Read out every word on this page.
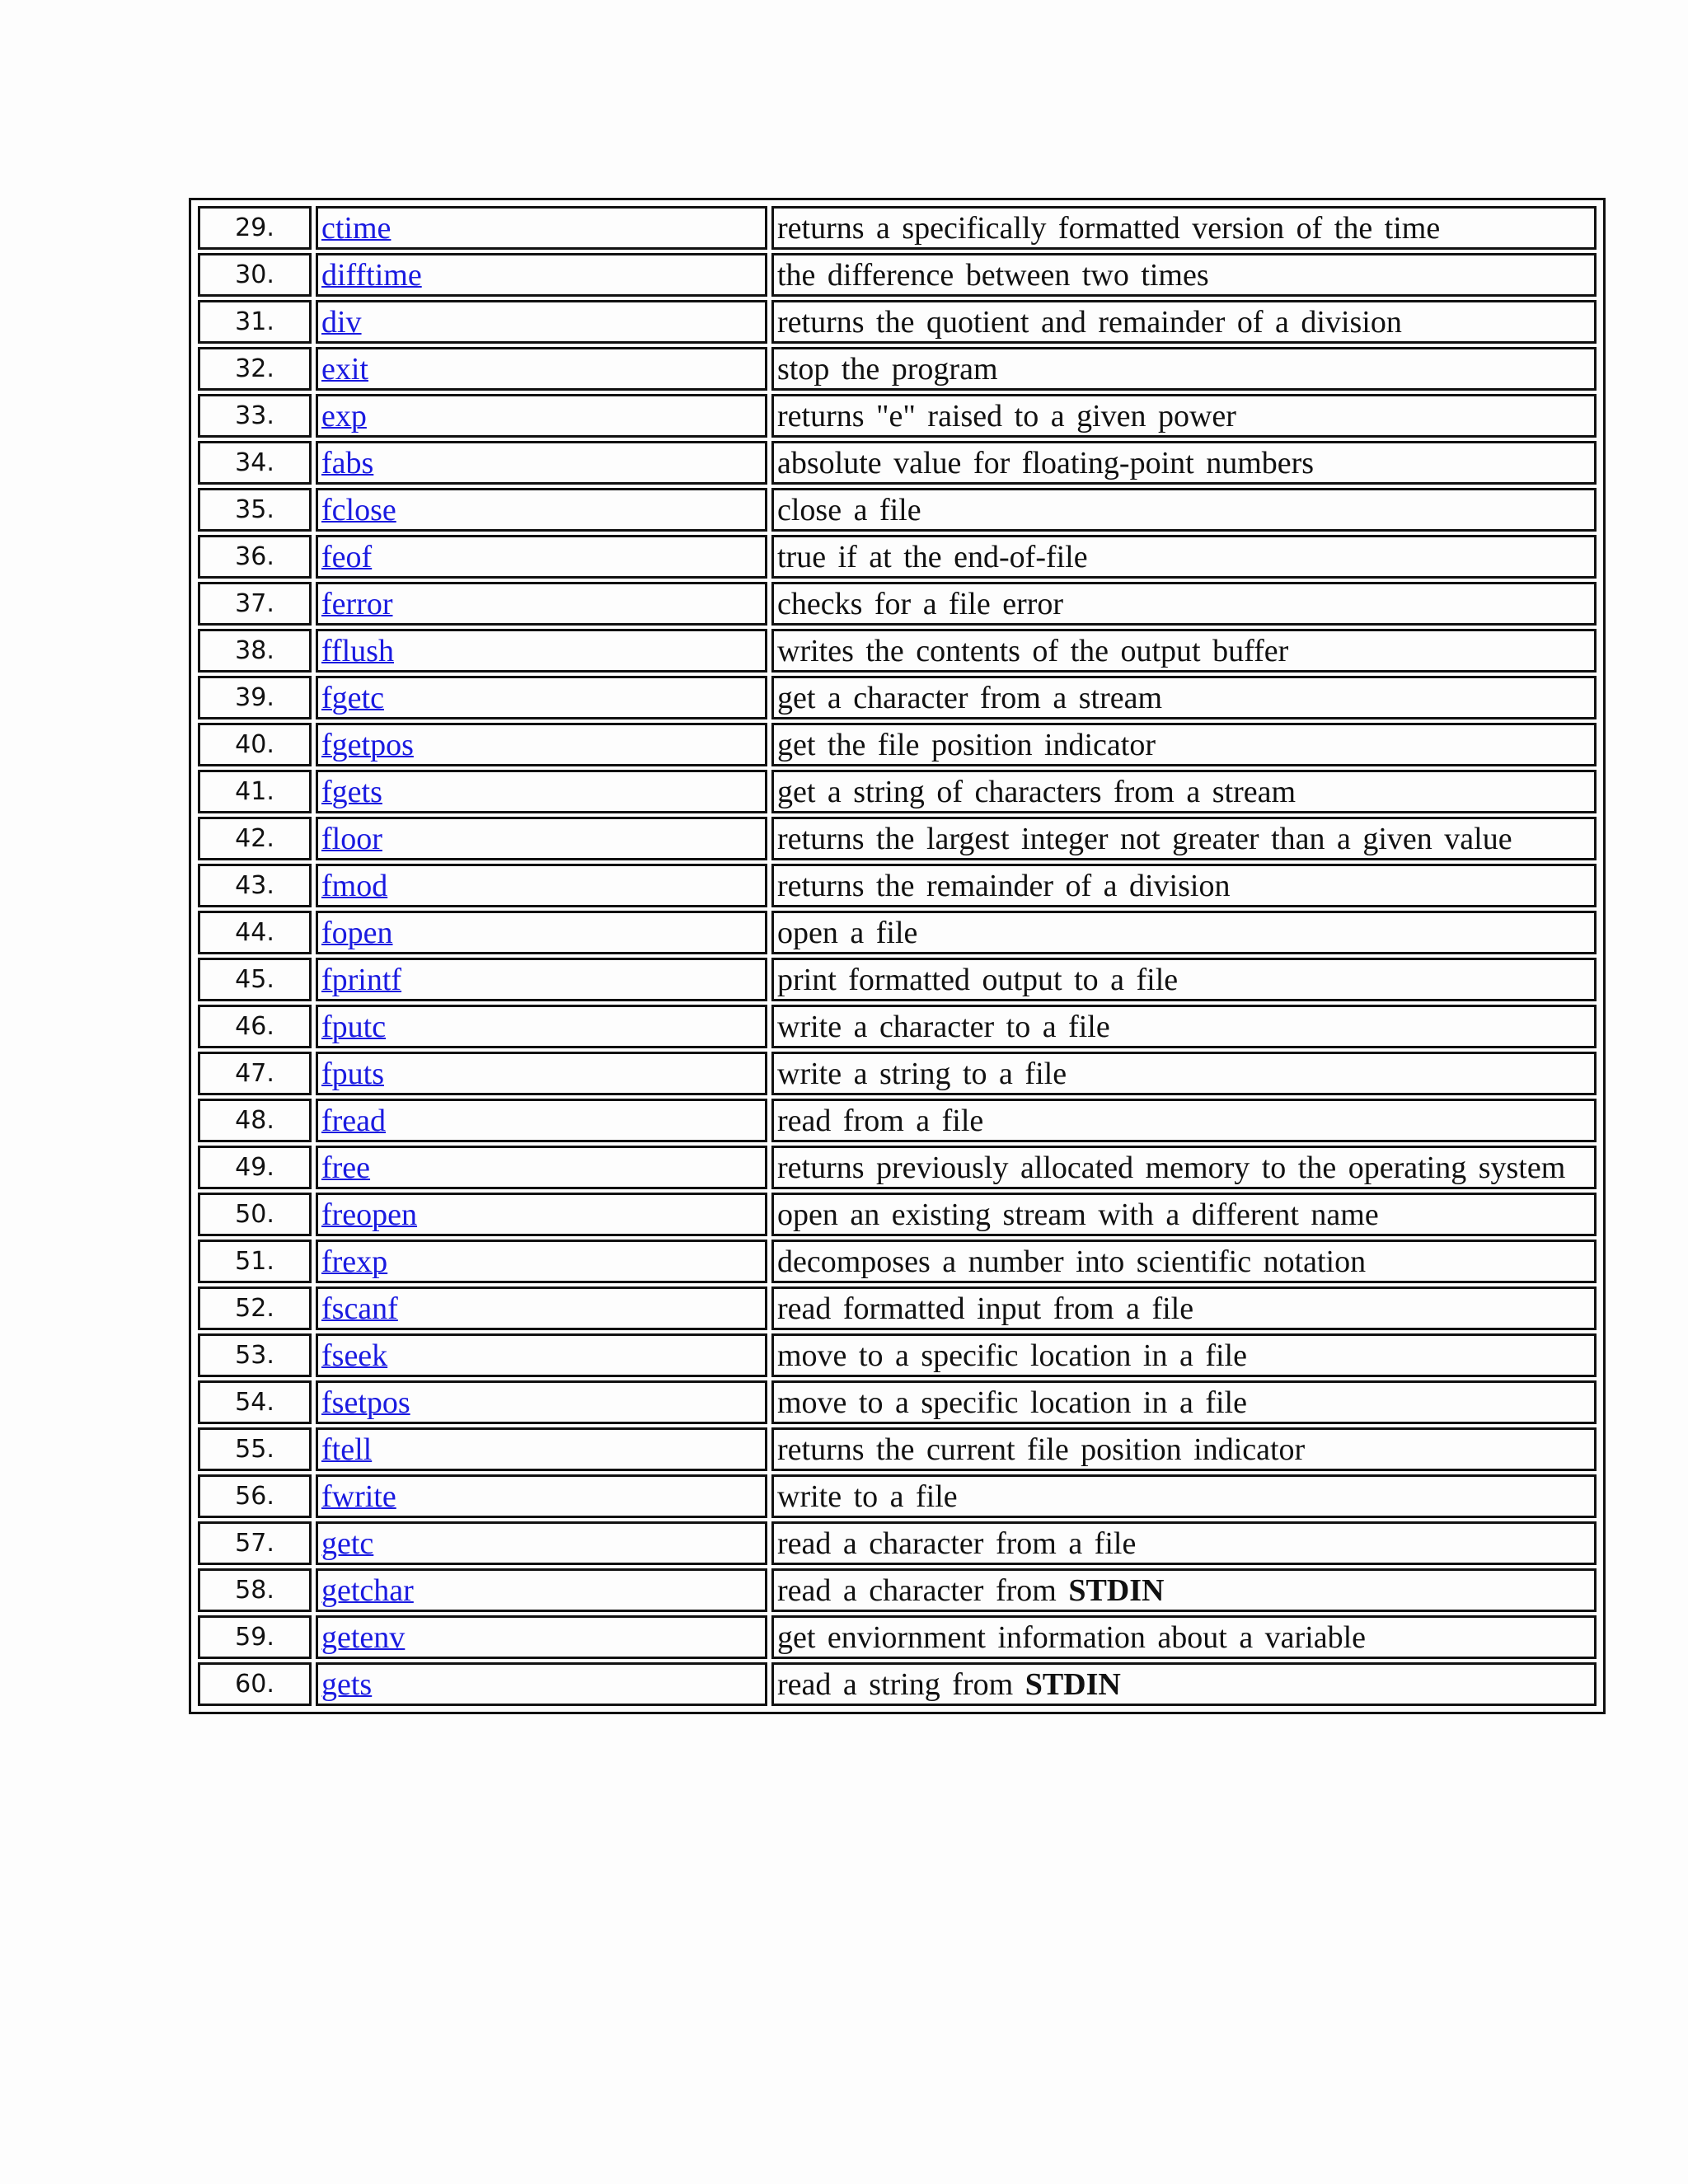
29.	ctime	returns a specifically formatted version of the time
30.	difftime	the difference between two times
31.	div	returns the quotient and remainder of a division
32.	exit	stop the program
33.	exp	returns "e" raised to a given power
34.	fabs	absolute value for floating-point numbers
35.	fclose	close a file
36.	feof	true if at the end-of-file
37.	ferror	checks for a file error
38.	fflush	writes the contents of the output buffer
39.	fgetc	get a character from a stream
40.	fgetpos	get the file position indicator
41.	fgets	get a string of characters from a stream
42.	floor	returns the largest integer not greater than a given value
43.	fmod	returns the remainder of a division
44.	fopen	open a file
45.	fprintf	print formatted output to a file
46.	fputc	write a character to a file
47.	fputs	write a string to a file
48.	fread	read from a file
49.	free	returns previously allocated memory to the operating system
50.	freopen	open an existing stream with a different name
51.	frexp	decomposes a number into scientific notation
52.	fscanf	read formatted input from a file
53.	fseek	move to a specific location in a file
54.	fsetpos	move to a specific location in a file
55.	ftell	returns the current file position indicator
56.	fwrite	write to a file
57.	getc	read a character from a file
58.	getchar	read a character from STDIN
59.	getenv	get enviornment information about a variable
60.	gets	read a string from STDIN
